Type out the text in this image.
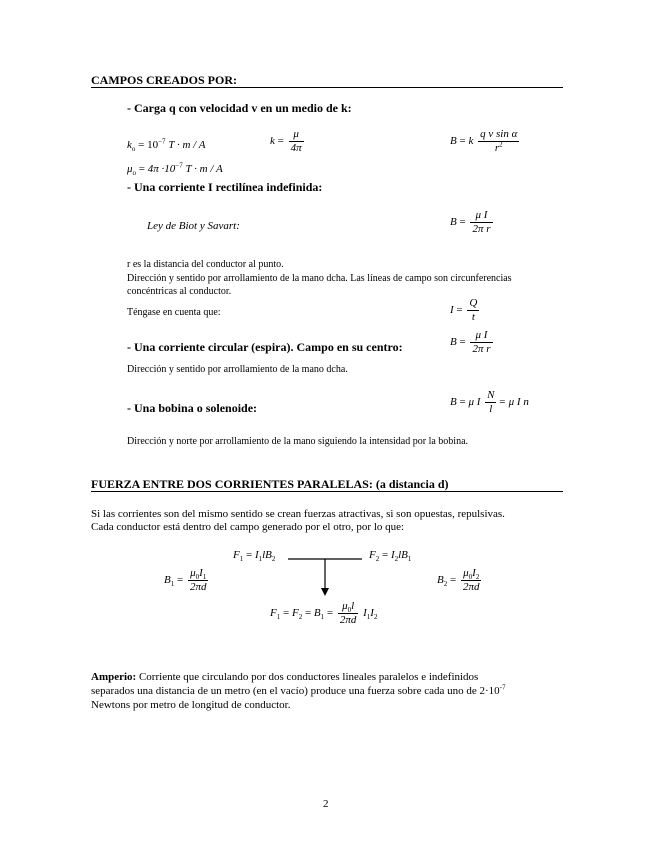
CAMPOS CREADOS POR:
- Carga q con velocidad v en un medio de k:
$k_o = 10^{-7}$ T · m / A	$k = \frac{\mu}{4\pi}$	B = k $\frac{\text{q v sin α}}{r^2}$
$\mu_o = 4\pi \cdot 10^{-7}$ T · m / A
- Una corriente I rectilínea indefinida:
Ley de Biot y Savart:	$B = \frac{\text{μ I}}{\text{2π r}}$
r es la distancia del conductor al punto.
Dirección y sentido por arrollamiento de la mano dcha. Las líneas de campo son circunferencias
concéntricas al conductor.
Téngase en cuenta que:	$I = \frac{Q}{t}$
- Una corriente circular (espira). Campo en su centro:	$B = \frac{\text{μ I}}{\text{2π r}}$
Dirección y sentido por arrollamiento de la mano dcha.
- Una bobina o solenoide:	B = μ I $\frac{N}{l} = \mu$ I n
Dirección y norte por arrollamiento de la mano siguiendo la intensidad por la bobina.
FUERZA ENTRE DOS CORRIENTES PARALELAS: (a distancia d)
Si las corrientes son del mismo sentido se crean fuerzas atractivas, si son opuestas, repulsivas.
Cada conductor está dentro del campo generado por el otro, por lo que:
$F_1 = I_1lB_2$	$F_2 = I_2lB_1$
$B_1 = \frac{\mu_0I_1}{2\pi d}$	$B_2 = \frac{\mu_0I_2}{2\pi d}$
$F_1 = F_2 = B_1 = \frac{\mu_0l}{2\pi d} I_1I_2$
Amperio: Corriente que circulando por dos conductores lineales paralelos e indefinidos
separados una distancia de un metro (en el vacío) produce una fuerza sobre cada uno de $2\cdot 10^{-7}$
Newtons por metro de longitud de conductor.
2
